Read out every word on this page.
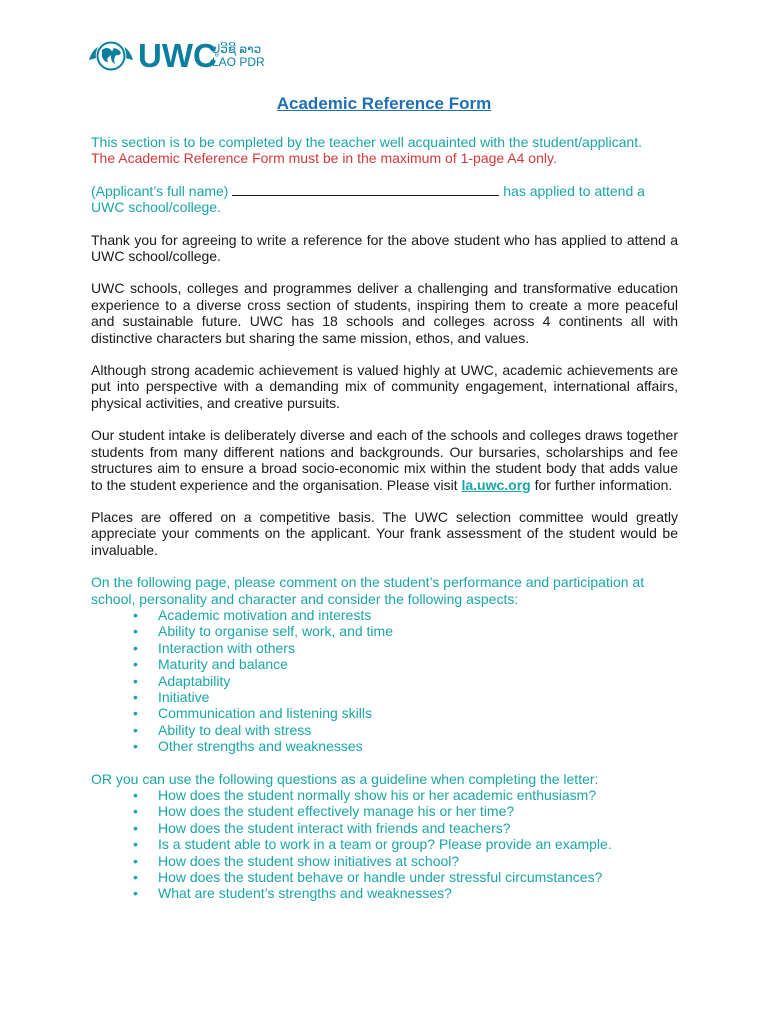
UWC
ຢູວີຊີ ລາວ
LAO PDR
Academic Reference Form

This section is to be completed by the teacher well acquainted with the student/applicant.

The Academic Reference Form must be in the maximum of 1-page A4 only.

(Applicant’s full name)	has applied to attend a UWC school/college.

Thank you for agreeing to write a reference for the above student who has applied to attend a UWC school/college.

UWC schools, colleges and programmes deliver a challenging and transformative education experience to a diverse cross section of students, inspiring them to create a more peaceful and sustainable future. UWC has 18 schools and colleges across 4 continents all with distinctive characters but sharing the same mission, ethos, and values.

Although strong academic achievement is valued highly at UWC, academic achievements are put into perspective with a demanding mix of community engagement, international affairs, physical activities, and creative pursuits.

Our student intake is deliberately diverse and each of the schools and colleges draws together students from many different nations and backgrounds. Our bursaries, scholarships and fee structures aim to ensure a broad socio-economic mix within the student body that adds value to the student experience and the organisation. Please visit la.uwc.org for further information.

Places are offered on a competitive basis. The UWC selection committee would greatly appreciate your comments on the applicant. Your frank assessment of the student would be invaluable.

On the following page, please comment on the student’s performance and participation at school, personality and character and consider the following aspects:

• Academic motivation and interests
• Ability to organise self, work, and time
• Interaction with others
• Maturity and balance
• Adaptability
• Initiative
• Communication and listening skills
• Ability to deal with stress
• Other strengths and weaknesses

OR you can use the following questions as a guideline when completing the letter:

• How does the student normally show his or her academic enthusiasm?
• How does the student effectively manage his or her time?
• How does the student interact with friends and teachers?
• Is a student able to work in a team or group? Please provide an example.
• How does the student show initiatives at school?
• How does the student behave or handle under stressful circumstances?
• What are student’s strengths and weaknesses?
